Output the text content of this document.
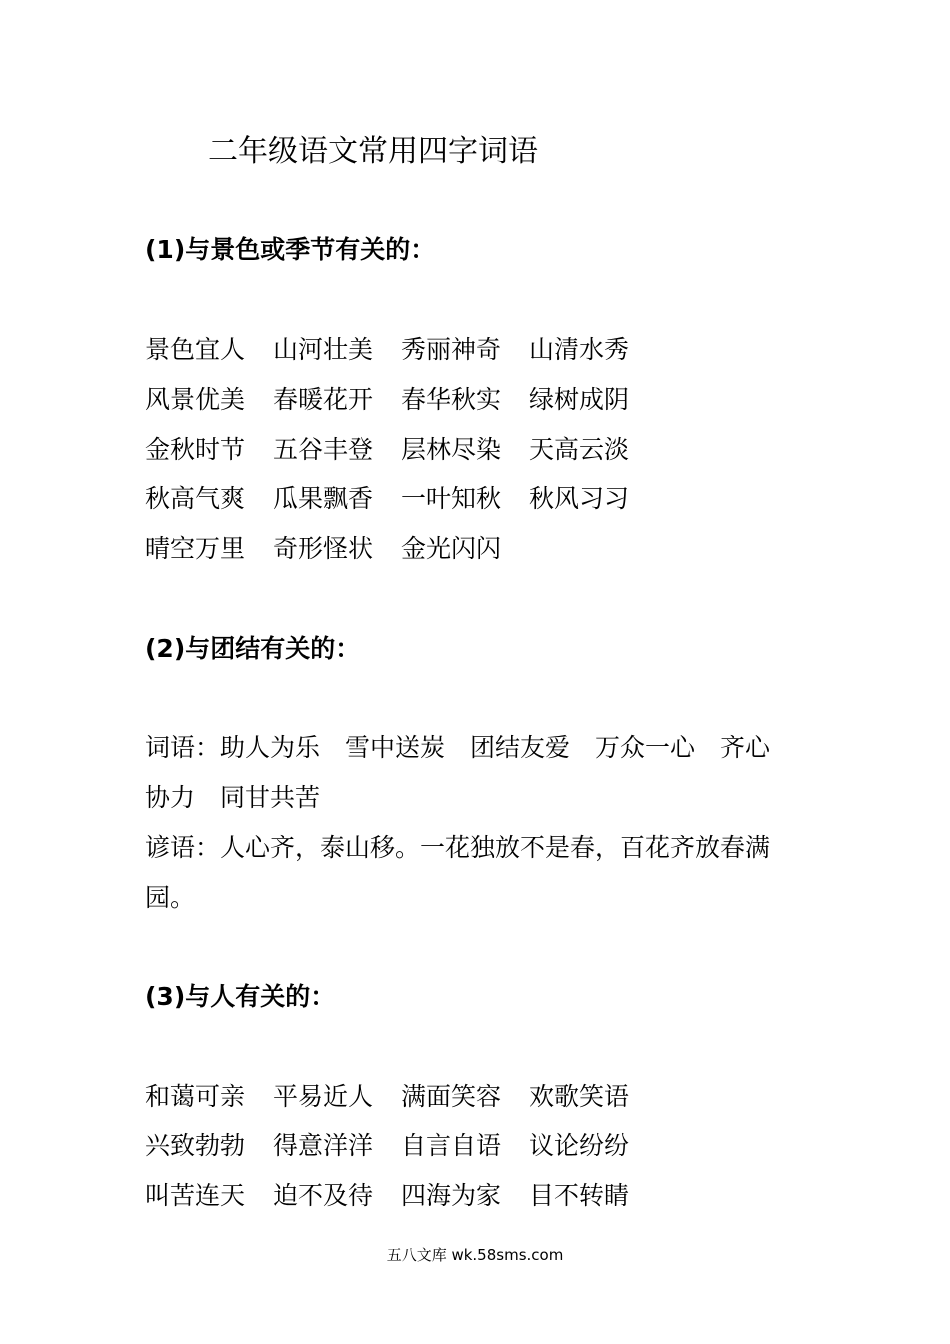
二年级语文常用四字词语
(1)与景色或季节有关的：
景色宜人 山河壮美 秀丽神奇 山清水秀
风景优美 春暖花开 春华秋实 绿树成阴
金秋时节 五谷丰登 层林尽染 天高云淡
秋高气爽 瓜果飘香 一叶知秋 秋风习习
晴空万里 奇形怪状 金光闪闪
(2)与团结有关的：
词语：助人为乐　雪中送炭　团结友爱　万众一心　齐心
协力　同甘共苦
谚语：人心齐，泰山移。一花独放不是春，百花齐放春满
园。
(3)与人有关的：
和蔼可亲 平易近人 满面笑容 欢歌笑语
兴致勃勃 得意洋洋 自言自语 议论纷纷
叫苦连天 迫不及待 四海为家 目不转睛
五八文库 wk.58sms.com
